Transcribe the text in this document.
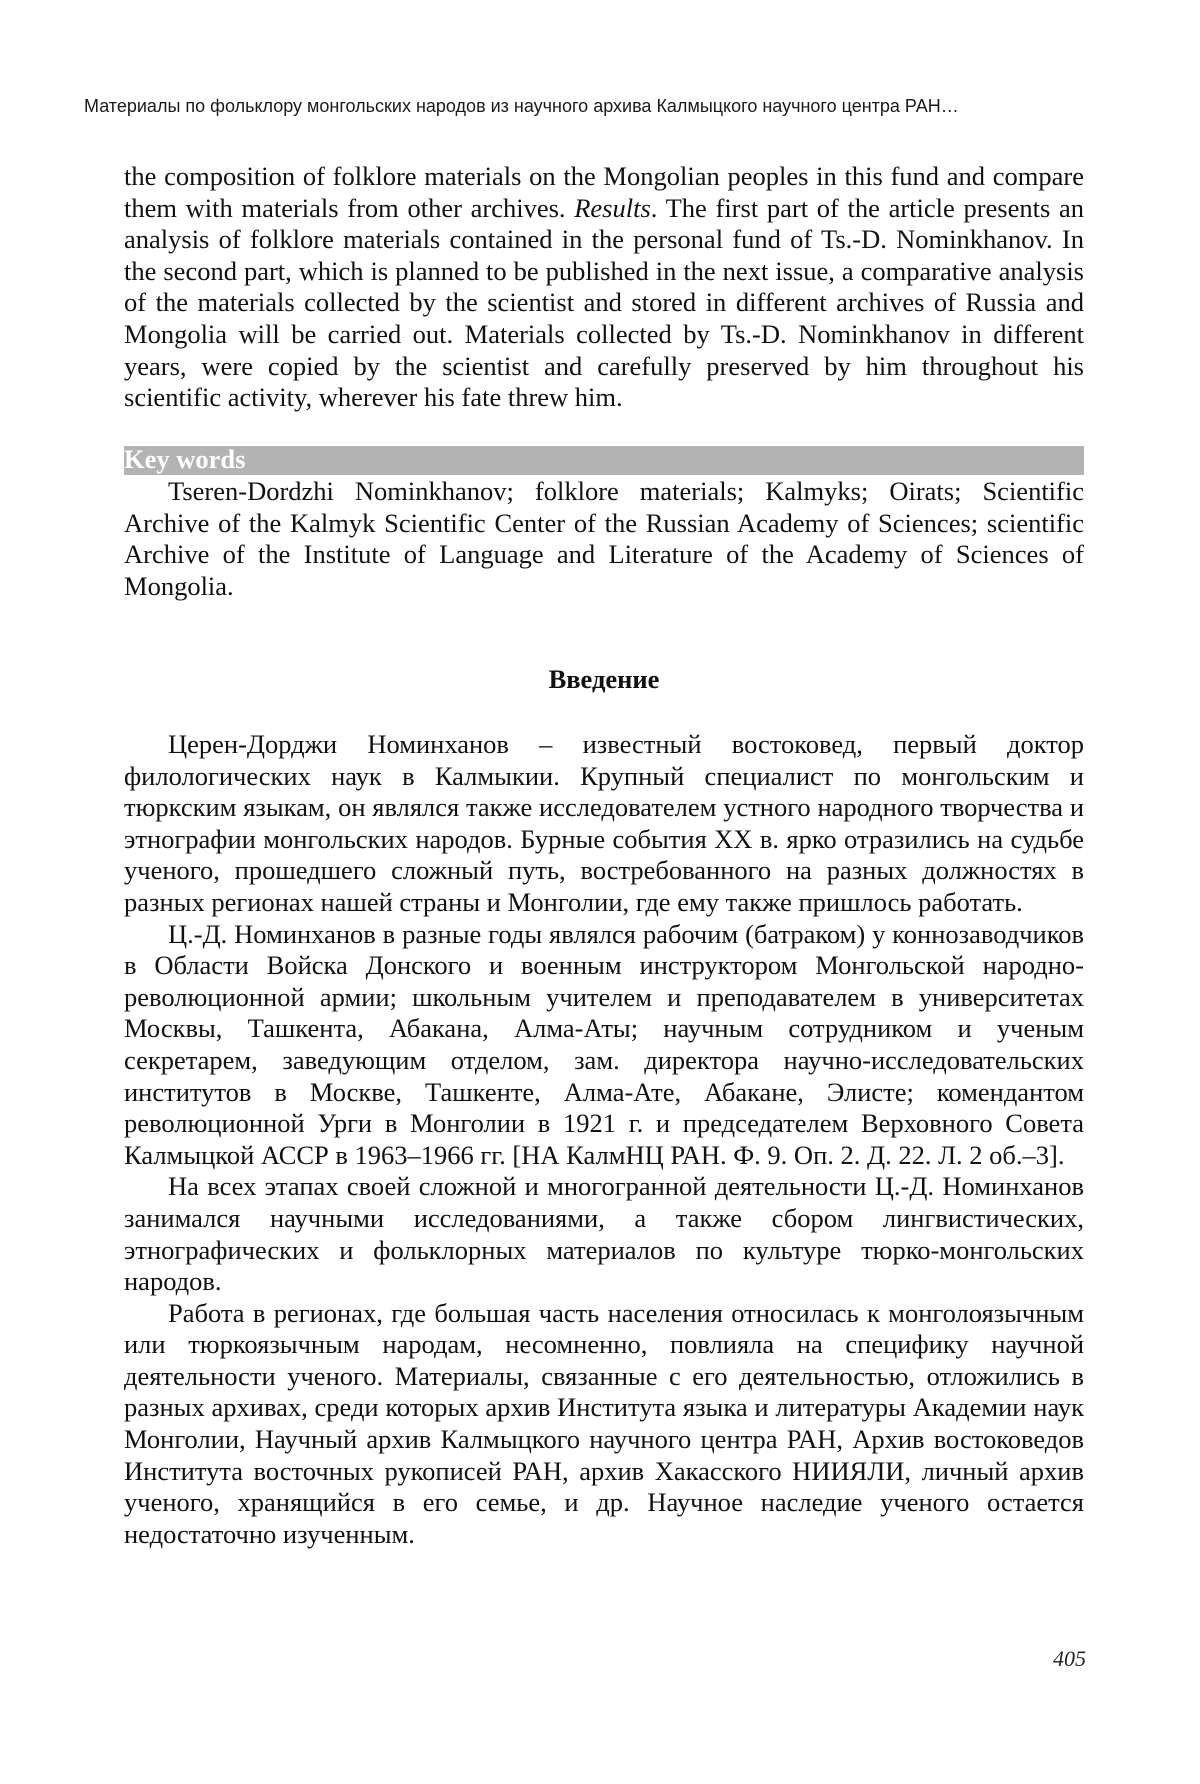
Материалы по фольклору монгольских народов из научного архива Калмыцкого научного центра РАН…
the composition of folklore materials on the Mongolian peoples in this fund and compare them with materials from other archives. Results. The first part of the article presents an analysis of folklore materials contained in the personal fund of Ts.-D. Nominkhanov. In the second part, which is planned to be published in the next issue, a comparative analysis of the materials collected by the scientist and stored in different archives of Russia and Mongolia will be carried out. Materials collected by Ts.-D. Nominkhanov in different years, were copied by the scientist and carefully preserved by him throughout his scientific activity, wherever his fate threw him.
Key words
Tseren-Dordzhi Nominkhanov; folklore materials; Kalmyks; Oirats; Scientific Archive of the Kalmyk Scientific Center of the Russian Academy of Sciences; scientific Archive of the Institute of Language and Literature of the Academy of Sciences of Mongolia.
Введение

Церен-Дорджи Номинханов – известный востоковед, первый доктор филологических наук в Калмыкии. Крупный специалист по монгольским и тюркским языкам, он являлся также исследователем устного народного творчества и этнографии монгольских народов. Бурные события XX в. ярко отразились на судьбе ученого, прошедшего сложный путь, востребованного на разных должностях в разных регионах нашей страны и Монголии, где ему также пришлось работать.

Ц.-Д. Номинханов в разные годы являлся рабочим (батраком) у коннозаводчиков в Области Войска Донского и военным инструктором Монгольской народно-революционной армии; школьным учителем и преподавателем в университетах Москвы, Ташкента, Абакана, Алма-Аты; научным сотрудником и ученым секретарем, заведующим отделом, зам. директора научно-исследовательских институтов в Москве, Ташкенте, Алма-Ате, Абакане, Элисте; комендантом революционной Урги в Монголии в 1921 г. и председателем Верховного Совета Калмыцкой АССР в 1963–1966 гг. [НА КалмНЦ РАН. Ф. 9. Оп. 2. Д. 22. Л. 2 об.–3].

На всех этапах своей сложной и многогранной деятельности Ц.-Д. Номинханов занимался научными исследованиями, а также сбором лингвистических, этнографических и фольклорных материалов по культуре тюрко-монгольских народов.

Работа в регионах, где большая часть населения относилась к монголоязычным или тюркоязычным народам, несомненно, повлияла на специфику научной деятельности ученого. Материалы, связанные с его деятельностью, отложились в разных архивах, среди которых архив Института языка и литературы Академии наук Монголии, Научный архив Калмыцкого научного центра РАН, Архив востоковедов Института восточных рукописей РАН, архив Хакасского НИИЯЛИ, личный архив ученого, хранящийся в его семье, и др. Научное наследие ученого остается недостаточно изученным.

405
